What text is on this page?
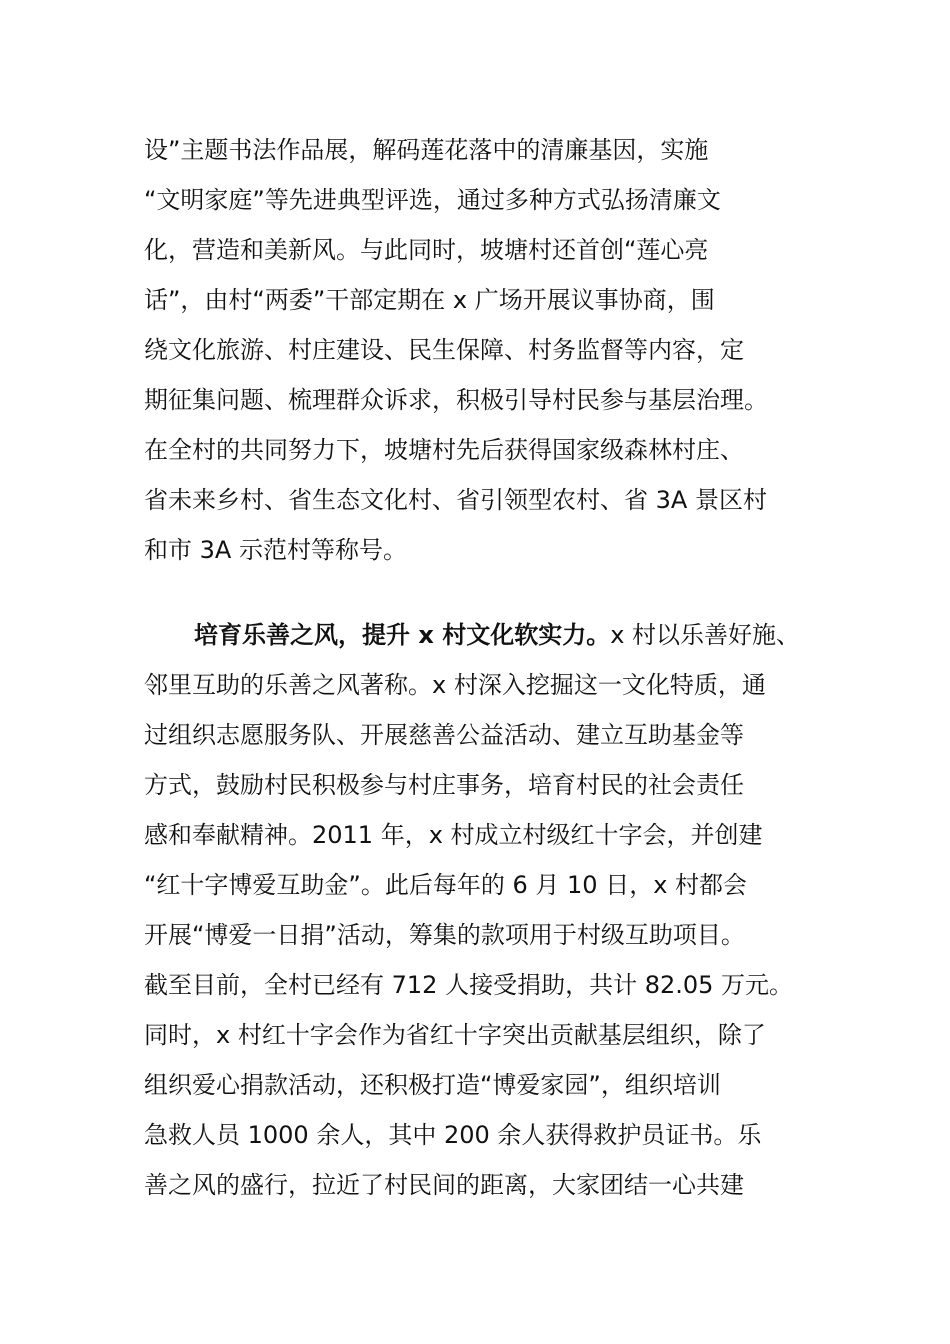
设”主题书法作品展，解码莲花落中的清廉基因，实施
“文明家庭”等先进典型评选，通过多种方式弘扬清廉文
化，营造和美新风。与此同时，坡塘村还首创“莲心亮
话”，由村“两委”干部定期在 x 广场开展议事协商，围
绕文化旅游、村庄建设、民生保障、村务监督等内容，定
期征集问题、梳理群众诉求，积极引导村民参与基层治理。
在全村的共同努力下，坡塘村先后获得国家级森林村庄、
省未来乡村、省生态文化村、省引领型农村、省 3A 景区村
和市 3A 示范村等称号。
培育乐善之风，提升 x 村文化软实力。x 村以乐善好施、
邻里互助的乐善之风著称。x 村深入挖掘这一文化特质，通
过组织志愿服务队、开展慈善公益活动、建立互助基金等
方式，鼓励村民积极参与村庄事务，培育村民的社会责任
感和奉献精神。2011 年，x 村成立村级红十字会，并创建
“红十字博爱互助金”。此后每年的 6 月 10 日，x 村都会
开展“博爱一日捐”活动，筹集的款项用于村级互助项目。
截至目前，全村已经有 712 人接受捐助，共计 82.05 万元。
同时，x 村红十字会作为省红十字突出贡献基层组织，除了
组织爱心捐款活动，还积极打造“博爱家园”，组织培训
急救人员 1000 余人，其中 200 余人获得救护员证书。乐
善之风的盛行，拉近了村民间的距离，大家团结一心共建
